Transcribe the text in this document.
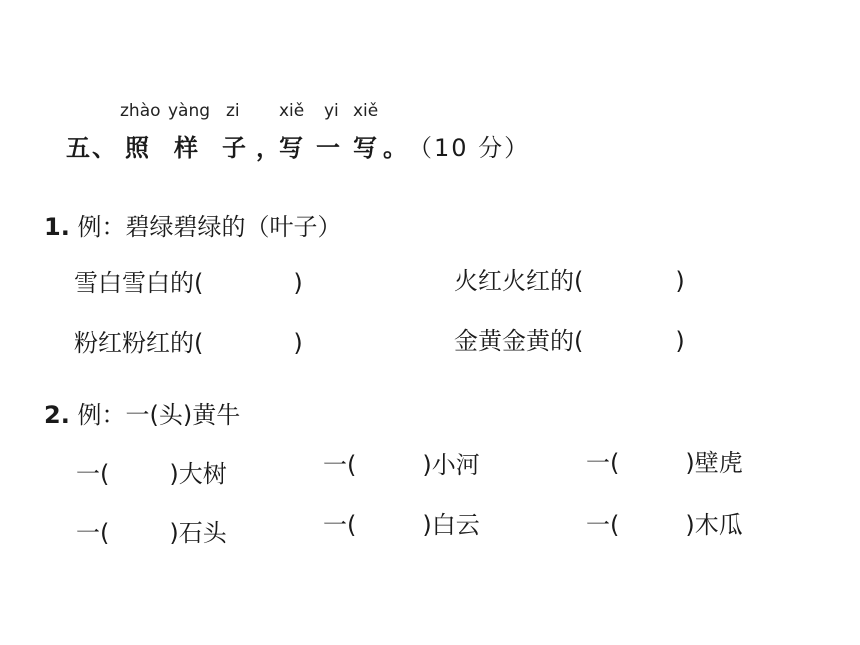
zhào yàng zi xiě yi xiě
五、 照 样 子 ，
写 一 写 。 （10 分）
1. 例：碧绿碧绿的（叶子）
雪白雪白的(	)	火红火红的(	)
粉红粉红的(	)	金黄金黄的(	)
2. 例：一(头)黄牛
一(	)大树	一(	)小河	一(	)壁虎
一(	)石头	一(	)白云	一(	)木瓜
